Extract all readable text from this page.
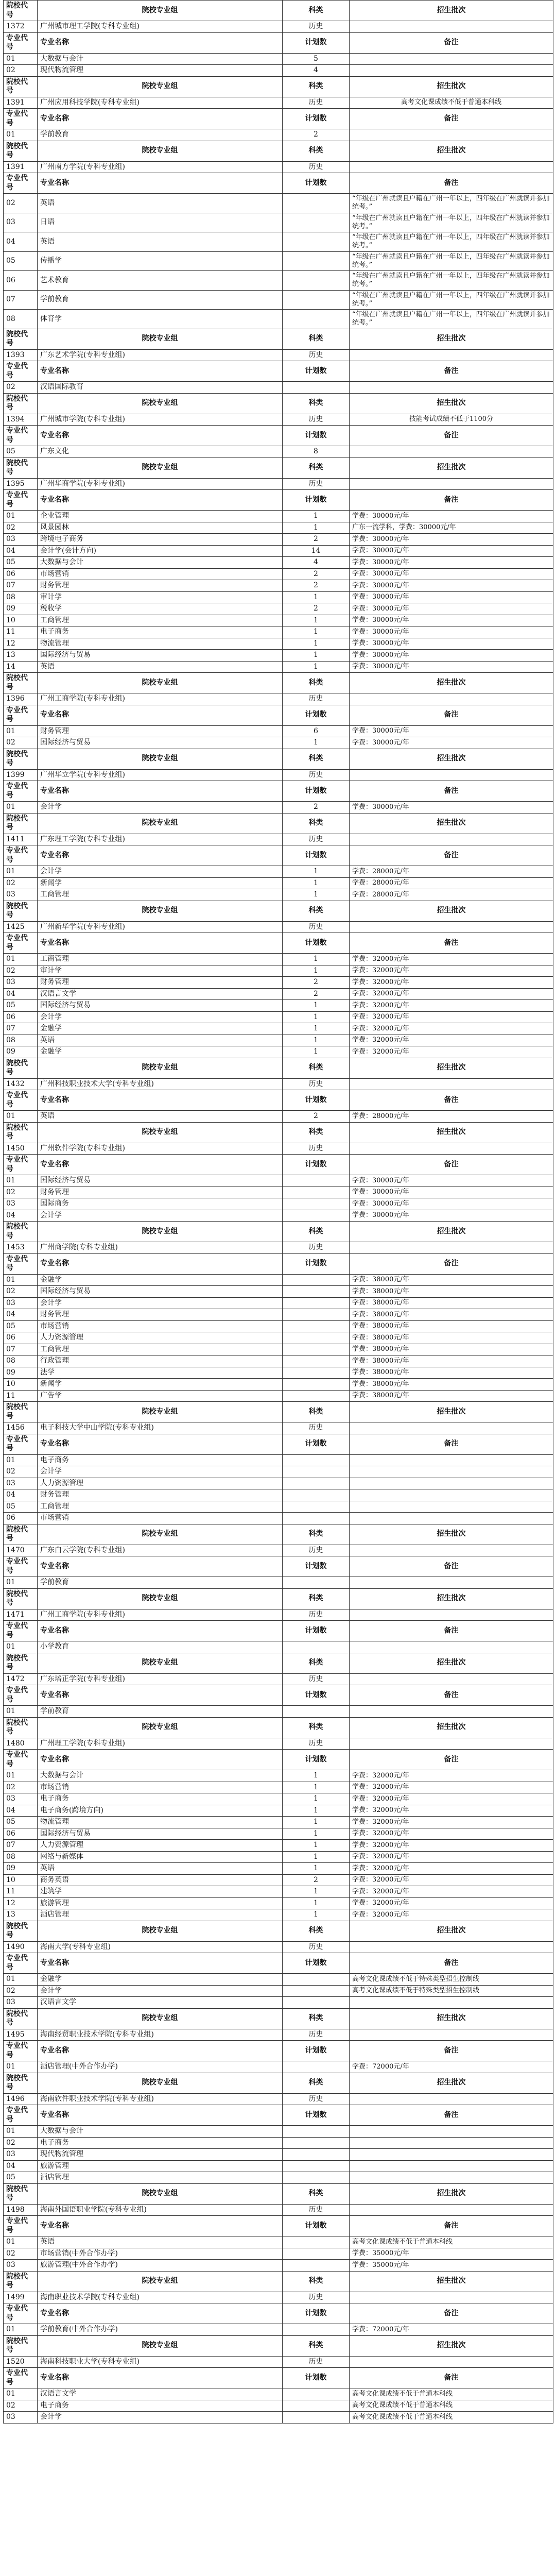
院校代号	院校专业组	科类	招生批次
1372	广州城市理工学院(专科专业组)	历史	
专业代号	专业名称	计划数	备注
01	大数据与会计	5	
02	现代物流管理	4	
院校代号	院校专业组	科类	招生批次
1391	广州应用科技学院(专科专业组)	历史	高考文化课成绩不低于普通本科线
专业代号	专业名称	计划数	备注
01	学前教育	2	
院校代号	院校专业组	科类	招生批次
1391	广州南方学院(专科专业组)	历史	
专业代号	专业名称	计划数	备注
02	英语		“年级在广州就读且户籍在广州一年以上，四年级在广州就读并参加统考。”
03	日语		“年级在广州就读且户籍在广州一年以上，四年级在广州就读并参加统考。”
04	英语		“年级在广州就读且户籍在广州一年以上，四年级在广州就读并参加统考。”
05	传播学		“年级在广州就读且户籍在广州一年以上，四年级在广州就读并参加统考。”
06	艺术教育		“年级在广州就读且户籍在广州一年以上，四年级在广州就读并参加统考。”
07	学前教育		“年级在广州就读且户籍在广州一年以上，四年级在广州就读并参加统考。”
08	体育学		“年级在广州就读且户籍在广州一年以上，四年级在广州就读并参加统考。”
院校代号	院校专业组	科类	招生批次
1393	广东艺术学院(专科专业组)	历史	
专业代号	专业名称	计划数	备注
02	汉语国际教育		
院校代号	院校专业组	科类	招生批次
1394	广州城市学院(专科专业组)	历史	技能考试成绩不低于1100分
专业代号	专业名称	计划数	备注
05	广东文化	8	
院校代号	院校专业组	科类	招生批次
1395	广州华商学院(专科专业组)	历史	
专业代号	专业名称	计划数	备注
01	企业管理	1	学费：30000元/年
02	风景园林	1	广东一流学科，学费：30000元/年
03	跨境电子商务	2	学费：30000元/年
04	会计学(会计方向)	14	学费：30000元/年
05	大数据与会计	4	学费：30000元/年
06	市场营销	2	学费：30000元/年
07	财务管理	2	学费：30000元/年
08	审计学	1	学费：30000元/年
09	税收学	2	学费：30000元/年
10	工商管理	1	学费：30000元/年
11	电子商务	1	学费：30000元/年
12	物流管理	1	学费：30000元/年
13	国际经济与贸易	1	学费：30000元/年
14	英语	1	学费：30000元/年
院校代号	院校专业组	科类	招生批次
1396	广州工商学院(专科专业组)	历史	
专业代号	专业名称	计划数	备注
01	财务管理	6	学费：30000元/年
02	国际经济与贸易	1	学费：30000元/年
院校代号	院校专业组	科类	招生批次
1399	广州华立学院(专科专业组)	历史	
专业代号	专业名称	计划数	备注
01	会计学	2	学费：30000元/年
院校代号	院校专业组	科类	招生批次
1411	广东理工学院(专科专业组)	历史	
专业代号	专业名称	计划数	备注
01	会计学	1	学费：28000元/年
02	新闻学	1	学费：28000元/年
03	工商管理	1	学费：28000元/年
院校代号	院校专业组	科类	招生批次
1425	广州新华学院(专科专业组)	历史	
专业代号	专业名称	计划数	备注
01	工商管理	1	学费：32000元/年
02	审计学	1	学费：32000元/年
03	财务管理	2	学费：32000元/年
04	汉语言文学	2	学费：32000元/年
05	国际经济与贸易	1	学费：32000元/年
06	会计学	1	学费：32000元/年
07	金融学	1	学费：32000元/年
08	英语	1	学费：32000元/年
09	金融学	1	学费：32000元/年
院校代号	院校专业组	科类	招生批次
1432	广州科技职业技术大学(专科专业组)	历史	
专业代号	专业名称	计划数	备注
01	英语	2	学费：28000元/年
院校代号	院校专业组	科类	招生批次
1450	广州软件学院(专科专业组)	历史	
专业代号	专业名称	计划数	备注
01	国际经济与贸易		学费：30000元/年
02	财务管理		学费：30000元/年
03	国际商务		学费：30000元/年
04	会计学		学费：30000元/年
院校代号	院校专业组	科类	招生批次
1453	广州商学院(专科专业组)	历史	
专业代号	专业名称	计划数	备注
01	金融学		学费：38000元/年
02	国际经济与贸易		学费：38000元/年
03	会计学		学费：38000元/年
04	财务管理		学费：38000元/年
05	市场营销		学费：38000元/年
06	人力资源管理		学费：38000元/年
07	工商管理		学费：38000元/年
08	行政管理		学费：38000元/年
09	法学		学费：38000元/年
10	新闻学		学费：38000元/年
11	广告学		学费：38000元/年
院校代号	院校专业组	科类	招生批次
1456	电子科技大学中山学院(专科专业组)	历史	
专业代号	专业名称	计划数	备注
01	电子商务		
02	会计学		
03	人力资源管理		
04	财务管理		
05	工商管理		
06	市场营销		
院校代号	院校专业组	科类	招生批次
1470	广东白云学院(专科专业组)	历史	
专业代号	专业名称	计划数	备注
01	学前教育		
院校代号	院校专业组	科类	招生批次
1471	广州工商学院(专科专业组)	历史	
专业代号	专业名称	计划数	备注
01	小学教育		
院校代号	院校专业组	科类	招生批次
1472	广东培正学院(专科专业组)	历史	
专业代号	专业名称	计划数	备注
01	学前教育		
院校代号	院校专业组	科类	招生批次
1480	广州理工学院(专科专业组)	历史	
专业代号	专业名称	计划数	备注
01	大数据与会计	1	学费：32000元/年
02	市场营销	1	学费：32000元/年
03	电子商务	1	学费：32000元/年
04	电子商务(跨境方向)	1	学费：32000元/年
05	物流管理	1	学费：32000元/年
06	国际经济与贸易	1	学费：32000元/年
07	人力资源管理	1	学费：32000元/年
08	网络与新媒体	1	学费：32000元/年
09	英语	1	学费：32000元/年
10	商务英语	2	学费：32000元/年
11	建筑学	1	学费：32000元/年
12	旅游管理	1	学费：32000元/年
13	酒店管理	1	学费：32000元/年
院校代号	院校专业组	科类	招生批次
1490	海南大学(专科专业组)	历史	
专业代号	专业名称	计划数	备注
01	金融学		高考文化课成绩不低于特殊类型招生控制线
02	会计学		高考文化课成绩不低于特殊类型招生控制线
03	汉语言文学		
院校代号	院校专业组	科类	招生批次
1495	海南经贸职业技术学院(专科专业组)	历史	
专业代号	专业名称	计划数	备注
01	酒店管理(中外合作办学)		学费：72000元/年
院校代号	院校专业组	科类	招生批次
1496	海南软件职业技术学院(专科专业组)	历史	
专业代号	专业名称	计划数	备注
01	大数据与会计		
02	电子商务		
03	现代物流管理		
04	旅游管理		
05	酒店管理		
院校代号	院校专业组	科类	招生批次
1498	海南外国语职业学院(专科专业组)	历史	
专业代号	专业名称	计划数	备注
01	英语		高考文化课成绩不低于普通本科线
02	市场营销(中外合作办学)		学费：35000元/年
03	旅游管理(中外合作办学)		学费：35000元/年
院校代号	院校专业组	科类	招生批次
1499	海南职业技术学院(专科专业组)	历史	
专业代号	专业名称	计划数	备注
01	学前教育(中外合作办学)		学费：72000元/年
院校代号	院校专业组	科类	招生批次
1520	海南科技职业大学(专科专业组)	历史	
专业代号	专业名称	计划数	备注
01	汉语言文学		高考文化课成绩不低于普通本科线
02	电子商务		高考文化课成绩不低于普通本科线
03	会计学		高考文化课成绩不低于普通本科线
